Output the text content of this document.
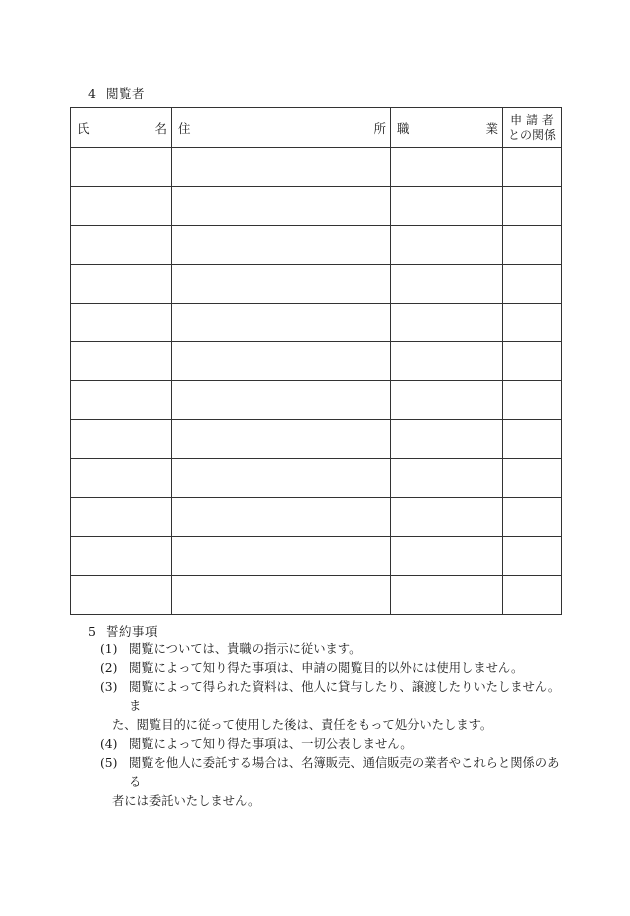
4 閲覧者
氏 名	住 所	職 業	申 請 者
との関係

5 誓約事項
(1) 閲覧については、貴職の指示に従います。
(2) 閲覧によって知り得た事項は、申請の閲覧目的以外には使用しません。
(3) 閲覧によって得られた資料は、他人に貸与したり、譲渡したりいたしません。ま
た、閲覧目的に従って使用した後は、責任をもって処分いたします。
(4) 閲覧によって知り得た事項は、一切公表しません。
(5) 閲覧を他人に委託する場合は、名簿販売、通信販売の業者やこれらと関係のある
者には委託いたしません。
